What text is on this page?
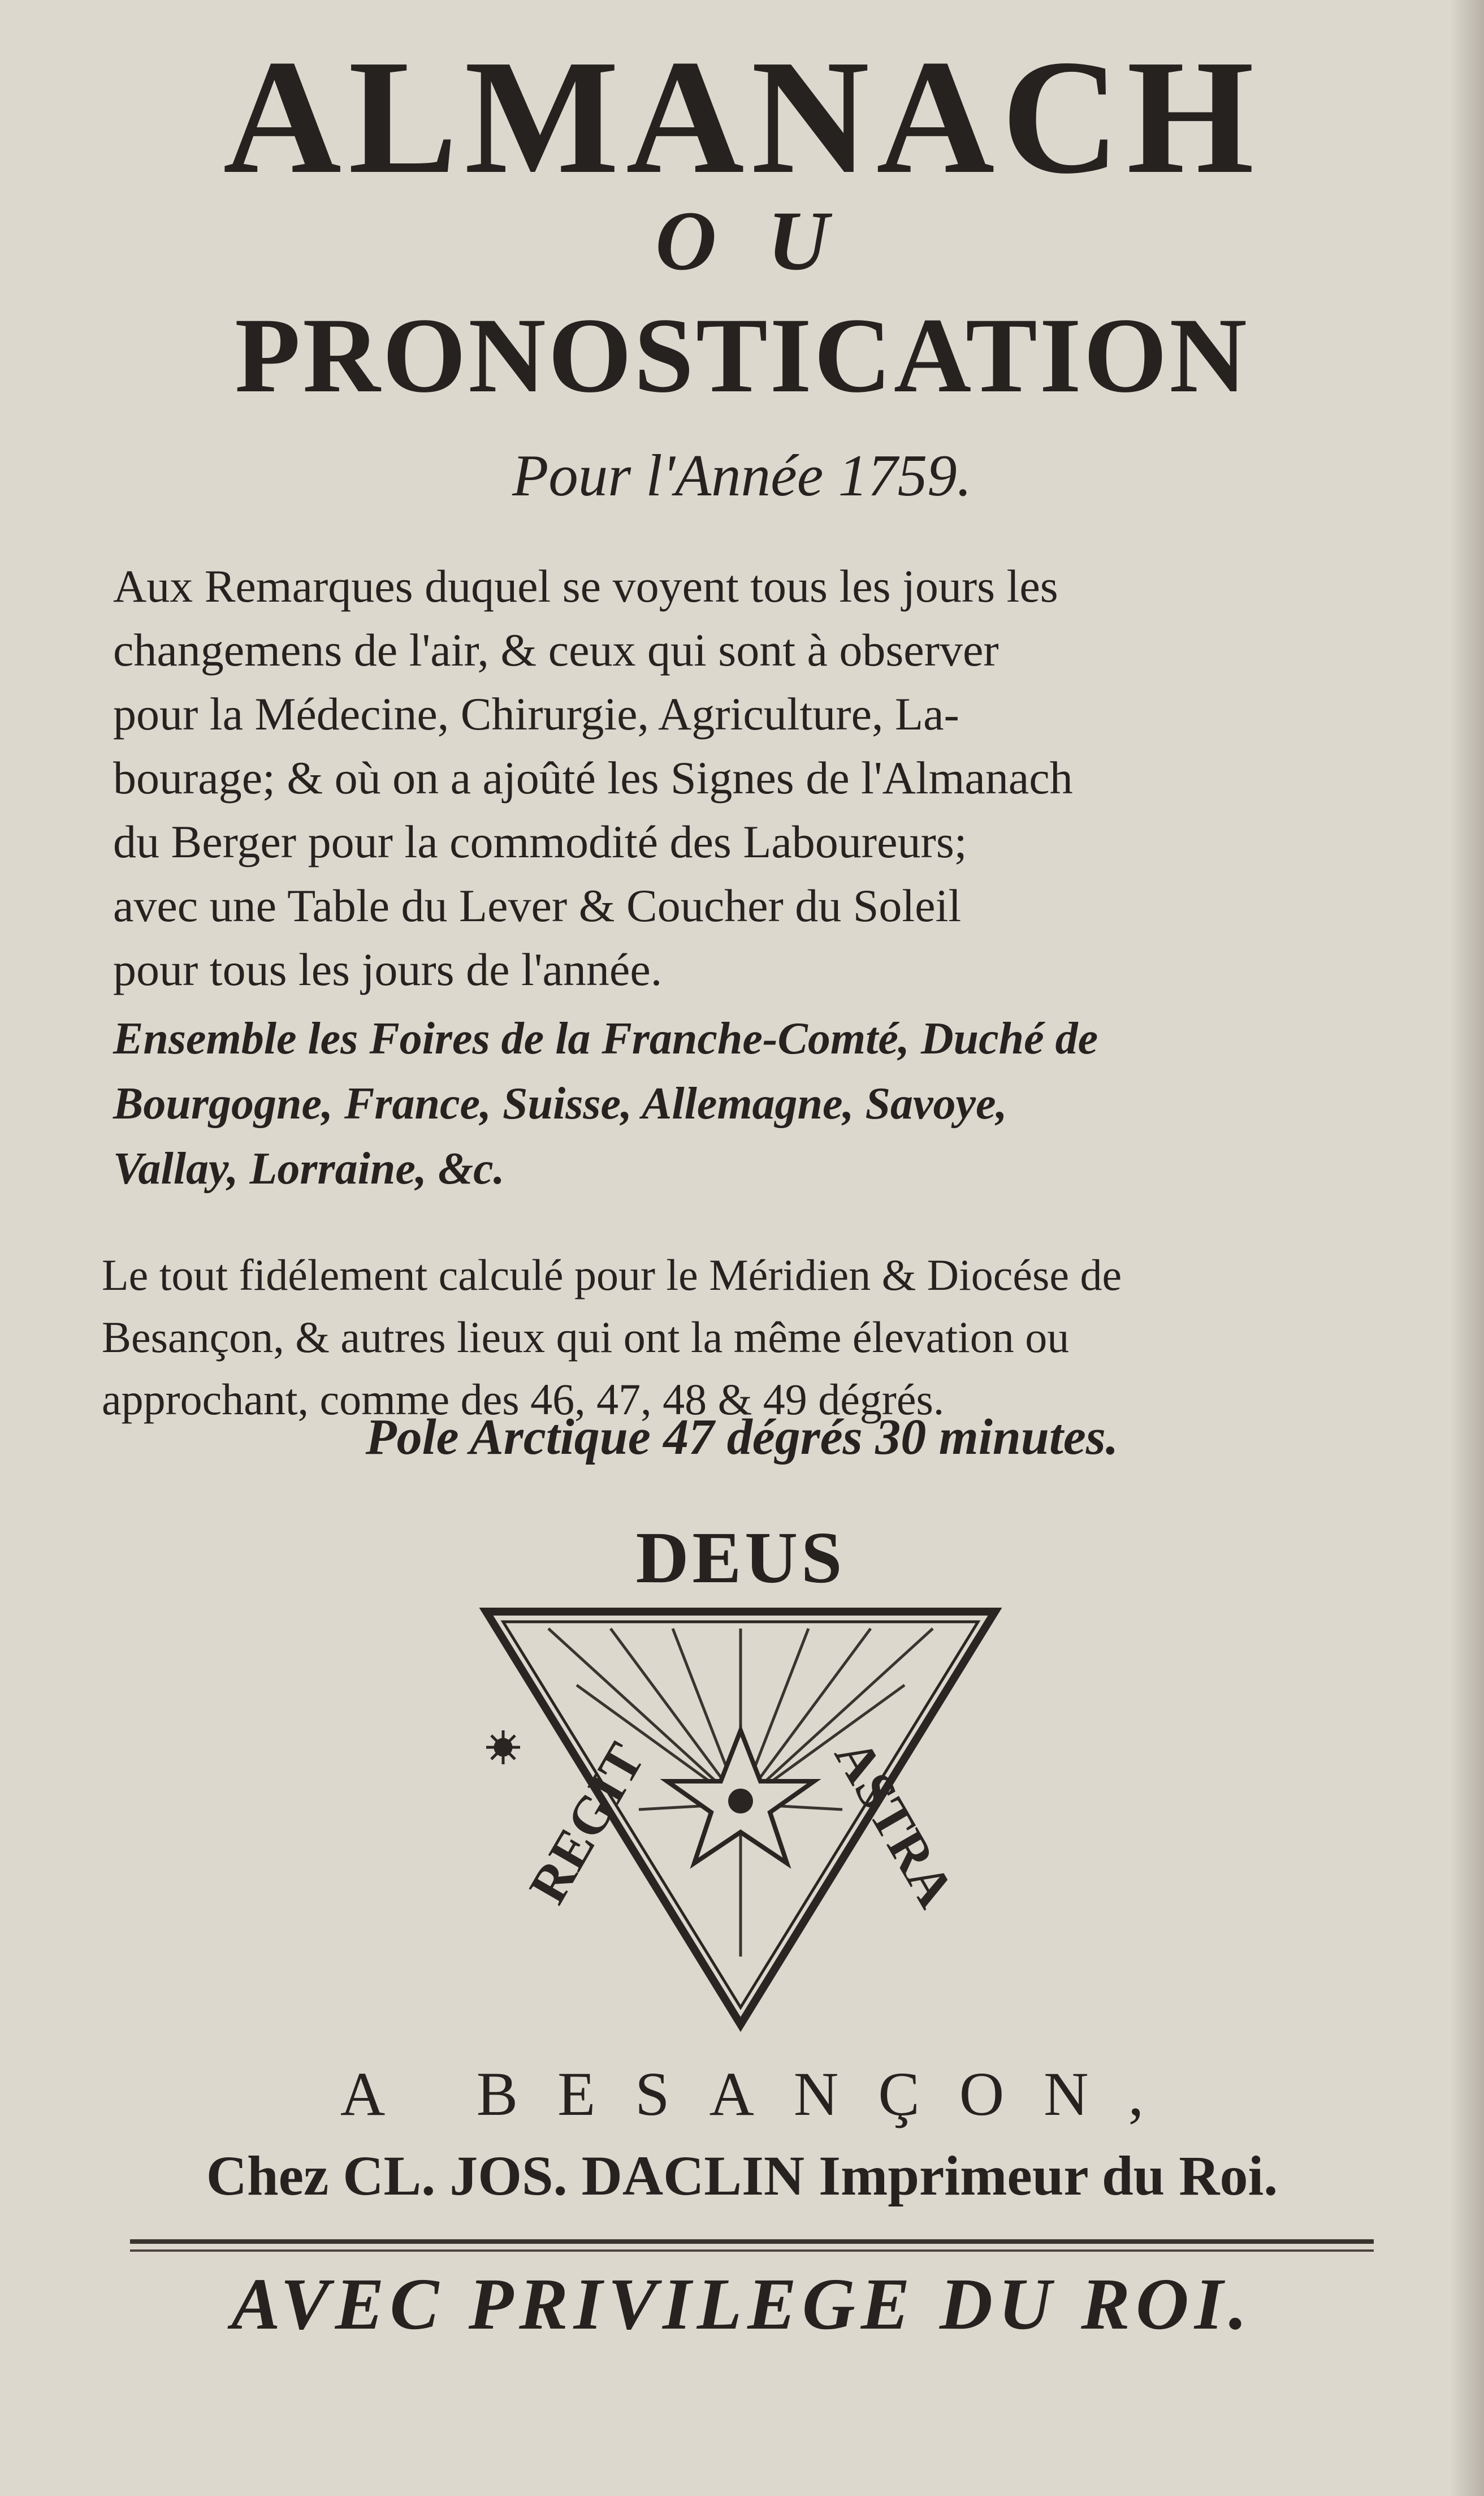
ALMANACH
OU
PRONOSTICATION
Pour l'Année 1759.
Aux Remarques duquel se voyent tous les jours les
changemens de l'air, & ceux qui sont à observer
pour la Médecine, Chirurgie, Agriculture, La-
bourage; & où on a ajoûté les Signes de l'Almanach
du Berger pour la commodité des Laboureurs;
avec une Table du Lever & Coucher du Soleil
pour tous les jours de l'année.
Ensemble les Foires de la Franche-Comté, Duché de
Bourgogne, France, Suisse, Allemagne, Savoye,
Vallay, Lorraine, &c.
Le tout fidélement calculé pour le Méridien & Diocése de
Besançon, & autres lieux qui ont la même élevation ou
approchant, comme des 46, 47, 48 & 49 dégrés.
Pole Arctique 47 dégrés 30 minutes.
DEUS
REGIT	ASTRA
A BESANÇON,
Chez CL. JOS. DACLIN Imprimeur du Roi.
AVEC PRIVILEGE DU ROI.
